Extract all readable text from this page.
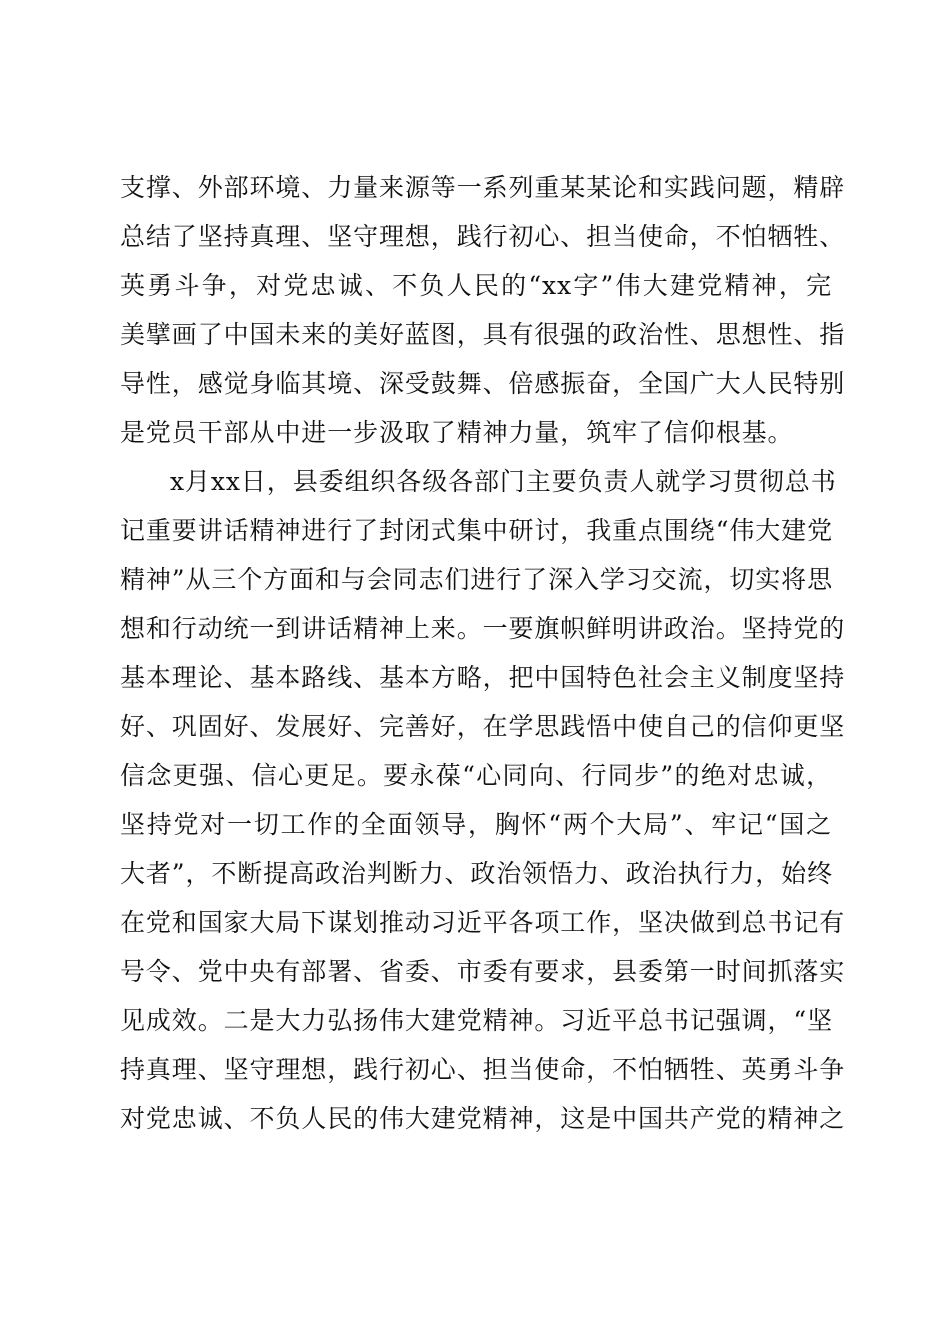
支撑、外部环境、力量来源等一系列重某某论和实践问题，精辟
总结了坚持真理、坚守理想，践行初心、担当使命，不怕牺牲、
英勇斗争，对党忠诚、不负人民的“xx字”伟大建党精神，完
美擘画了中国未来的美好蓝图，具有很强的政治性、思想性、指
导性，感觉身临其境、深受鼓舞、倍感振奋，全国广大人民特别
是党员干部从中进一步汲取了精神力量，筑牢了信仰根基。
x月xx日，县委组织各级各部门主要负责人就学习贯彻总书
记重要讲话精神进行了封闭式集中研讨，我重点围绕“伟大建党
精神”从三个方面和与会同志们进行了深入学习交流，切实将思
想和行动统一到讲话精神上来。一要旗帜鲜明讲政治。坚持党的
基本理论、基本路线、基本方略，把中国特色社会主义制度坚持
好、巩固好、发展好、完善好，在学思践悟中使自己的信仰更坚
信念更强、信心更足。要永葆“心同向、行同步”的绝对忠诚，
坚持党对一切工作的全面领导，胸怀“两个大局”、牢记“国之
大者”，不断提高政治判断力、政治领悟力、政治执行力，始终
在党和国家大局下谋划推动习近平各项工作，坚决做到总书记有
号令、党中央有部署、省委、市委有要求，县委第一时间抓落实
见成效。二是大力弘扬伟大建党精神。习近平总书记强调，“坚
持真理、坚守理想，践行初心、担当使命，不怕牺牲、英勇斗争
对党忠诚、不负人民的伟大建党精神，这是中国共产党的精神之
